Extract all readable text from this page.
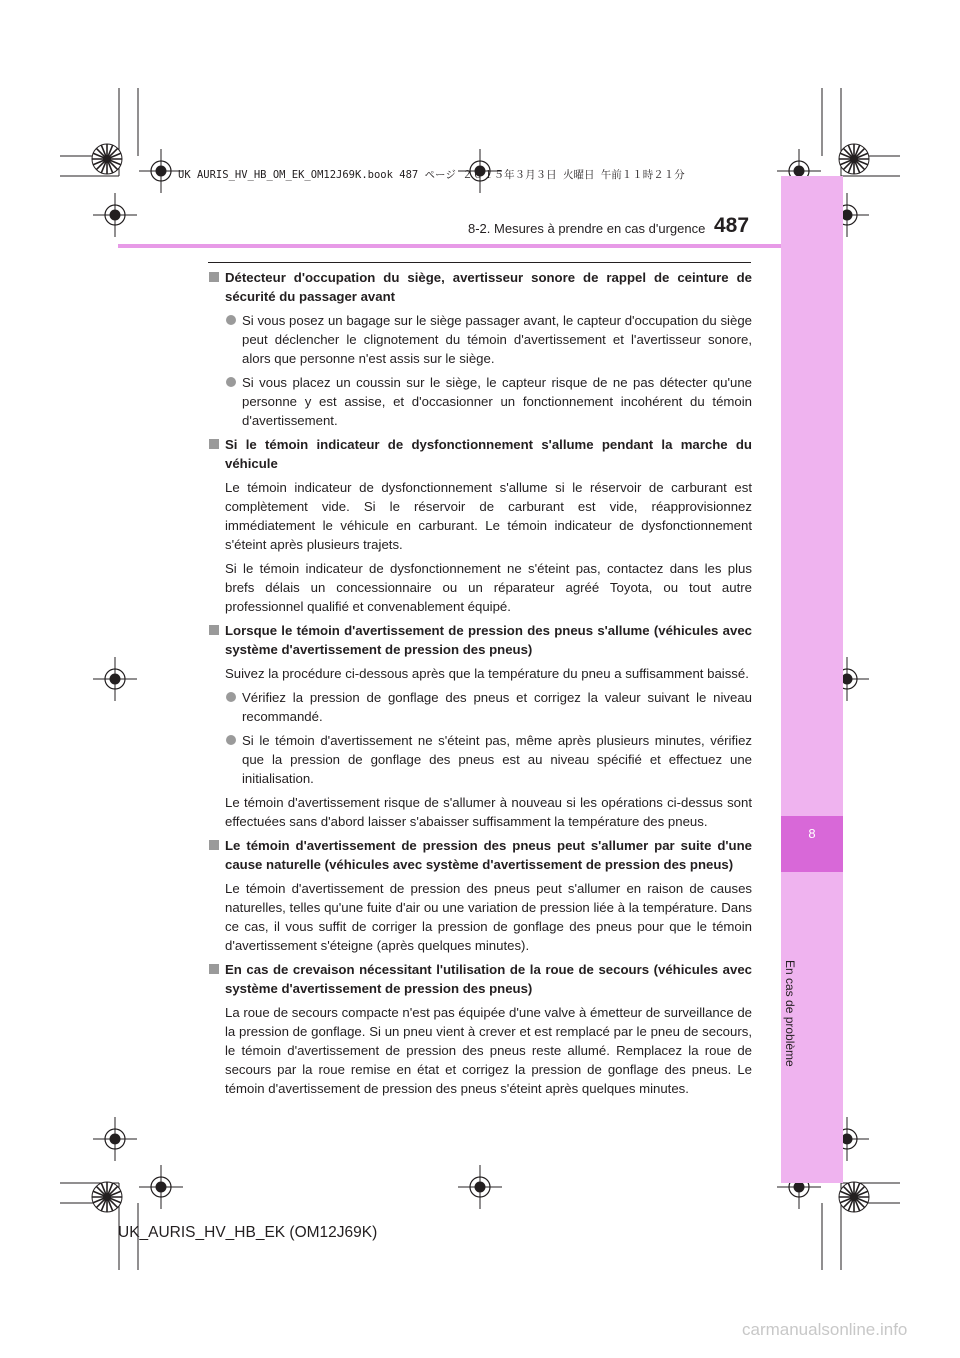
8
En cas de problème
UK AURIS_HV_HB_OM_EK_OM12J69K.book 487 ページ ２０１５年３月３日 火曜日 午前１１時２１分
8-2. Mesures à prendre en cas d'urgence 487
Détecteur d'occupation du siège, avertisseur sonore de rappel de ceinture de sécurité du passager avant
Si vous posez un bagage sur le siège passager avant, le capteur d'occupation du siège peut déclencher le clignotement du témoin d'avertissement et l'avertisseur sonore, alors que personne n'est assis sur le siège.
Si vous placez un coussin sur le siège, le capteur risque de ne pas détecter qu'une personne y est assise, et d'occasionner un fonctionnement incohérent du témoin d'avertissement.
Si le témoin indicateur de dysfonctionnement s'allume pendant la marche du véhicule
Le témoin indicateur de dysfonctionnement s'allume si le réservoir de carburant est complètement vide. Si le réservoir de carburant est vide, réapprovisionnez immédiatement le véhicule en carburant. Le témoin indicateur de dysfonctionnement s'éteint après plusieurs trajets.
Si le témoin indicateur de dysfonctionnement ne s'éteint pas, contactez dans les plus brefs délais un concessionnaire ou un réparateur agréé Toyota, ou tout autre professionnel qualifié et convenablement équipé.
Lorsque le témoin d'avertissement de pression des pneus s'allume (véhicules avec système d'avertissement de pression des pneus)
Suivez la procédure ci-dessous après que la température du pneu a suffisamment baissé.
Vérifiez la pression de gonflage des pneus et corrigez la valeur suivant le niveau recommandé.
Si le témoin d'avertissement ne s'éteint pas, même après plusieurs minutes, vérifiez que la pression de gonflage des pneus est au niveau spécifié et effectuez une initialisation.
Le témoin d'avertissement risque de s'allumer à nouveau si les opérations ci-dessus sont effectuées sans d'abord laisser s'abaisser suffisamment la température des pneus.
Le témoin d'avertissement de pression des pneus peut s'allumer par suite d'une cause naturelle (véhicules avec système d'avertissement de pression des pneus)
Le témoin d'avertissement de pression des pneus peut s'allumer en raison de causes naturelles, telles qu'une fuite d'air ou une variation de pression liée à la température. Dans ce cas, il vous suffit de corriger la pression de gonflage des pneus pour que le témoin d'avertissement s'éteigne (après quelques minutes).
En cas de crevaison nécessitant l'utilisation de la roue de secours (véhicules avec système d'avertissement de pression des pneus)
La roue de secours compacte n'est pas équipée d'une valve à émetteur de surveillance de la pression de gonflage. Si un pneu vient à crever et est remplacé par le pneu de secours, le témoin d'avertissement de pression des pneus reste allumé. Remplacez la roue de secours par la roue remise en état et corrigez la pression de gonflage des pneus. Le témoin d'avertissement de pression des pneus s'éteint après quelques minutes.
UK_AURIS_HV_HB_EK (OM12J69K)
carmanualsonline.info
